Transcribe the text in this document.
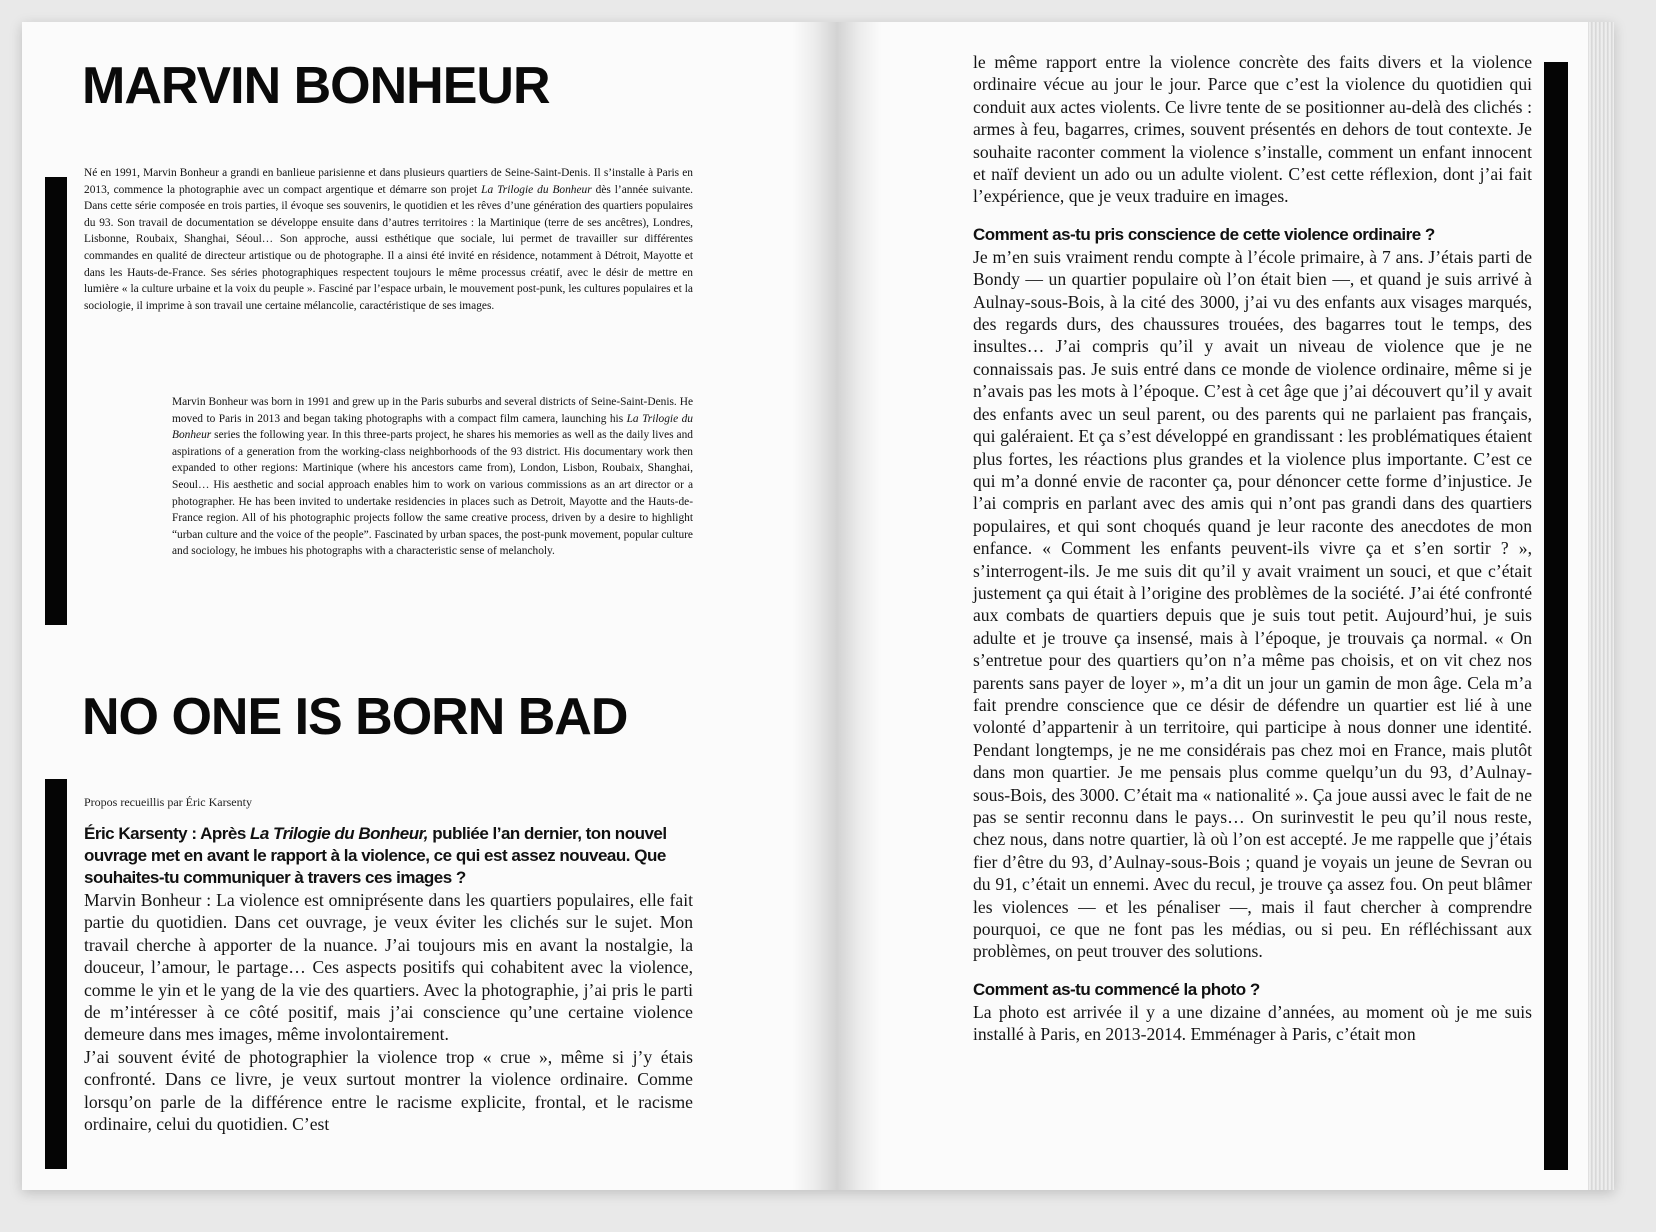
MARVIN BONHEUR

Né en 1991, Marvin Bonheur a grandi en banlieue parisienne et dans plusieurs quartiers de Seine-Saint-Denis. Il s’installe à Paris en 2013, commence la photographie avec un compact argentique et démarre son projet La Trilogie du Bonheur dès l’année suivante. Dans cette série composée en trois parties, il évoque ses souvenirs, le quotidien et les rêves d’une génération des quartiers populaires du 93. Son travail de documentation se développe ensuite dans d’autres territoires : la Martinique (terre de ses ancêtres), Londres, Lisbonne, Roubaix, Shanghai, Séoul… Son approche, aussi esthétique que sociale, lui permet de travailler sur différentes commandes en qualité de directeur artistique ou de photographe. Il a ainsi été invité en résidence, notamment à Détroit, Mayotte et dans les Hauts-de-France. Ses séries photographiques respectent toujours le même processus créatif, avec le désir de mettre en lumière « la culture urbaine et la voix du peuple ». Fasciné par l’espace urbain, le mouvement post-punk, les cultures populaires et la sociologie, il imprime à son travail une certaine mélancolie, caractéristique de ses images.

Marvin Bonheur was born in 1991 and grew up in the Paris suburbs and several districts of Seine-Saint-Denis. He moved to Paris in 2013 and began taking photographs with a compact film camera, launching his La Trilogie du Bonheur series the following year. In this three-parts project, he shares his memories as well as the daily lives and aspirations of a generation from the working-class neighborhoods of the 93 district. His documentary work then expanded to other regions: Martinique (where his ancestors came from), London, Lisbon, Roubaix, Shanghai, Seoul… His aesthetic and social approach enables him to work on various commissions as an art director or a photographer. He has been invited to undertake residencies in places such as Detroit, Mayotte and the Hauts-de-France region. All of his photographic projects follow the same creative process, driven by a desire to highlight “urban culture and the voice of the people”. Fascinated by urban spaces, the post-punk movement, popular culture and sociology, he imbues his photographs with a characteristic sense of melancholy.

NO ONE IS BORN BAD

Propos recueillis par Éric Karsenty

Éric Karsenty : Après La Trilogie du Bonheur, publiée l’an dernier, ton nouvel ouvrage met en avant le rapport à la violence, ce qui est assez nouveau. Que souhaites-tu communiquer à travers ces images ?

Marvin Bonheur : La violence est omniprésente dans les quartiers populaires, elle fait partie du quotidien. Dans cet ouvrage, je veux éviter les clichés sur le sujet. Mon travail cherche à apporter de la nuance. J’ai toujours mis en avant la nostalgie, la douceur, l’amour, le partage… Ces aspects positifs qui cohabitent avec la violence, comme le yin et le yang de la vie des quartiers. Avec la photographie, j’ai pris le parti de m’intéresser à ce côté positif, mais j’ai conscience qu’une certaine violence demeure dans mes images, même involontairement.

J’ai souvent évité de photographier la violence trop « crue », même si j’y étais confronté. Dans ce livre, je veux surtout montrer la violence ordinaire. Comme lorsqu’on parle de la différence entre le racisme explicite, frontal, et le racisme ordinaire, celui du quotidien. C’est

le même rapport entre la violence concrète des faits divers et la violence ordinaire vécue au jour le jour. Parce que c’est la violence du quotidien qui conduit aux actes violents. Ce livre tente de se positionner au-delà des clichés : armes à feu, bagarres, crimes, souvent présentés en dehors de tout contexte. Je souhaite raconter comment la violence s’installe, comment un enfant innocent et naïf devient un ado ou un adulte violent. C’est cette réflexion, dont j’ai fait l’expérience, que je veux traduire en images.

Comment as-tu pris conscience de cette violence ordinaire ?

Je m’en suis vraiment rendu compte à l’école primaire, à 7 ans. J’étais parti de Bondy — un quartier populaire où l’on était bien —, et quand je suis arrivé à Aulnay-sous-Bois, à la cité des 3000, j’ai vu des enfants aux visages marqués, des regards durs, des chaussures trouées, des bagarres tout le temps, des insultes… J’ai compris qu’il y avait un niveau de violence que je ne connaissais pas. Je suis entré dans ce monde de violence ordinaire, même si je n’avais pas les mots à l’époque. C’est à cet âge que j’ai découvert qu’il y avait des enfants avec un seul parent, ou des parents qui ne parlaient pas français, qui galéraient. Et ça s’est développé en grandissant : les problématiques étaient plus fortes, les réactions plus grandes et la violence plus importante. C’est ce qui m’a donné envie de raconter ça, pour dénoncer cette forme d’injustice. Je l’ai compris en parlant avec des amis qui n’ont pas grandi dans des quartiers populaires, et qui sont choqués quand je leur raconte des anecdotes de mon enfance. « Comment les enfants peuvent-ils vivre ça et s’en sortir ? », s’interrogent-ils. Je me suis dit qu’il y avait vraiment un souci, et que c’était justement ça qui était à l’origine des problèmes de la société. J’ai été confronté aux combats de quartiers depuis que je suis tout petit. Aujourd’hui, je suis adulte et je trouve ça insensé, mais à l’époque, je trouvais ça normal. « On s’entretue pour des quartiers qu’on n’a même pas choisis, et on vit chez nos parents sans payer de loyer », m’a dit un jour un gamin de mon âge. Cela m’a fait prendre conscience que ce désir de défendre un quartier est lié à une volonté d’appartenir à un territoire, qui participe à nous donner une identité. Pendant longtemps, je ne me considérais pas chez moi en France, mais plutôt dans mon quartier. Je me pensais plus comme quelqu’un du 93, d’Aulnay-sous-Bois, des 3000. C’était ma « nationalité ». Ça joue aussi avec le fait de ne pas se sentir reconnu dans le pays… On surinvestit le peu qu’il nous reste, chez nous, dans notre quartier, là où l’on est accepté. Je me rappelle que j’étais fier d’être du 93, d’Aulnay-sous-Bois ; quand je voyais un jeune de Sevran ou du 91, c’était un ennemi. Avec du recul, je trouve ça assez fou. On peut blâmer les violences — et les pénaliser —, mais il faut chercher à comprendre pourquoi, ce que ne font pas les médias, ou si peu. En réfléchissant aux problèmes, on peut trouver des solutions.

Comment as-tu commencé la photo ?

La photo est arrivée il y a une dizaine d’années, au moment où je me suis installé à Paris, en 2013-2014. Emménager à Paris, c’était mon
